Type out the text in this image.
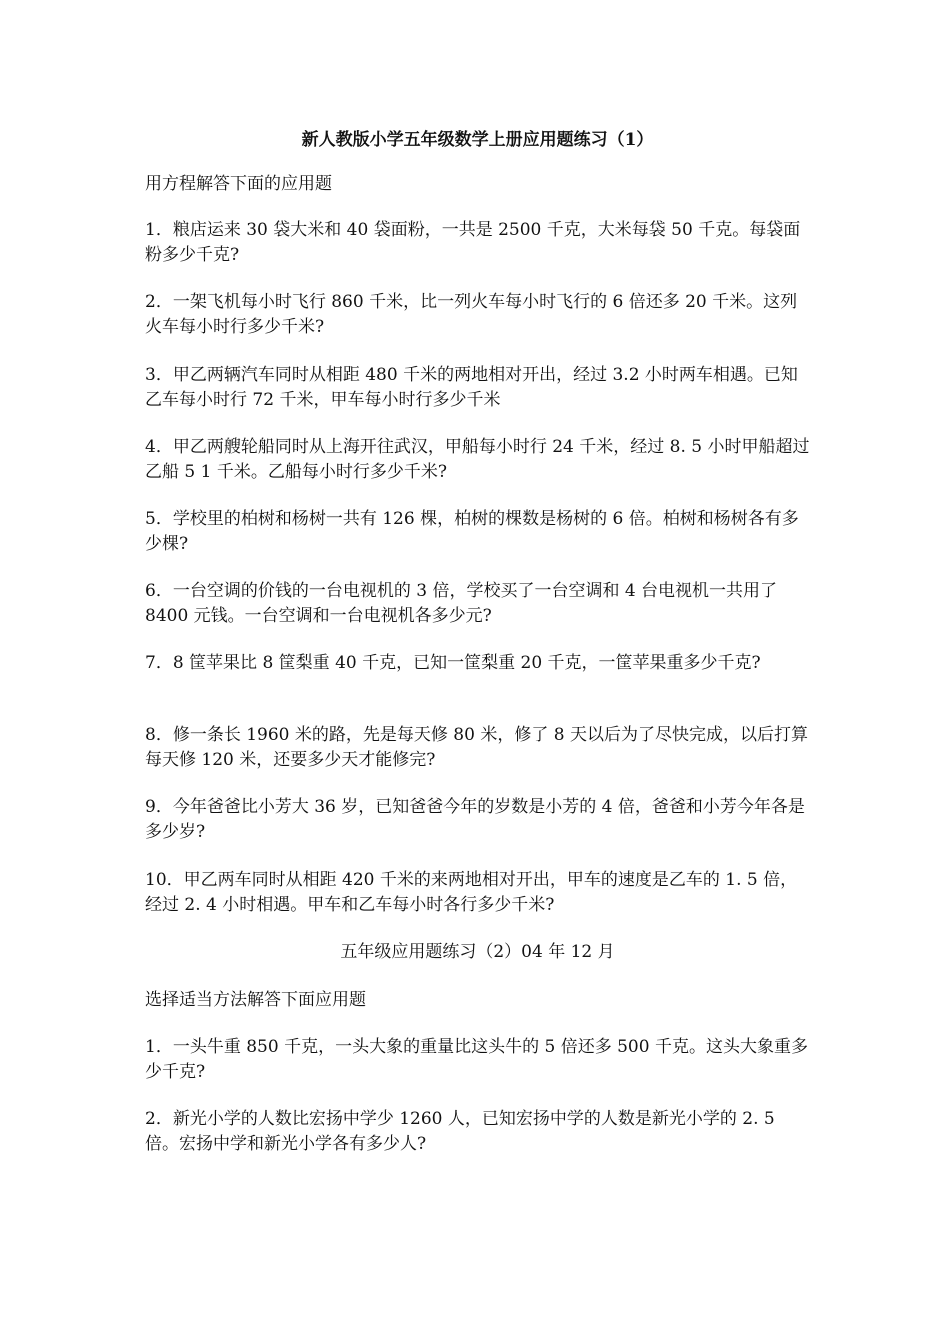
新人教版小学五年级数学上册应用题练习（1）
用方程解答下面的应用题
1．粮店运来 30 袋大米和 40 袋面粉，一共是 2500 千克，大米每袋 50 千克。每袋面粉多少千克?
2．一架飞机每小时飞行 860 千米，比一列火车每小时飞行的 6 倍还多 20 千米。这列火车每小时行多少千米?
3．甲乙两辆汽车同时从相距 480 千米的两地相对开出，经过 3.2 小时两车相遇。已知乙车每小时行 72 千米，甲车每小时行多少千米
4．甲乙两艘轮船同时从上海开往武汉，甲船每小时行 24 千米，经过 8. 5 小时甲船超过乙船 5 1 千米。乙船每小时行多少千米?
5．学校里的柏树和杨树一共有 126 棵，柏树的棵数是杨树的 6 倍。柏树和杨树各有多少棵?
6．一台空调的价钱的一台电视机的 3 倍，学校买了一台空调和 4 台电视机一共用了 8400 元钱。一台空调和一台电视机各多少元?
7．8 筐苹果比 8 筐梨重 40 千克，已知一筐梨重 20 千克，一筐苹果重多少千克?
8．修一条长 1960 米的路，先是每天修 80 米，修了 8 天以后为了尽快完成，以后打算每天修 120 米，还要多少天才能修完?
9．今年爸爸比小芳大 36 岁，已知爸爸今年的岁数是小芳的 4 倍，爸爸和小芳今年各是多少岁?
10．甲乙两车同时从相距 420 千米的来两地相对开出，甲车的速度是乙车的 1. 5 倍，经过 2. 4 小时相遇。甲车和乙车每小时各行多少千米?
五年级应用题练习（2）04 年 12 月
选择适当方法解答下面应用题
1．一头牛重 850 千克，一头大象的重量比这头牛的 5 倍还多 500 千克。这头大象重多少千克?
2．新光小学的人数比宏扬中学少 1260 人，已知宏扬中学的人数是新光小学的 2. 5 倍。宏扬中学和新光小学各有多少人?
